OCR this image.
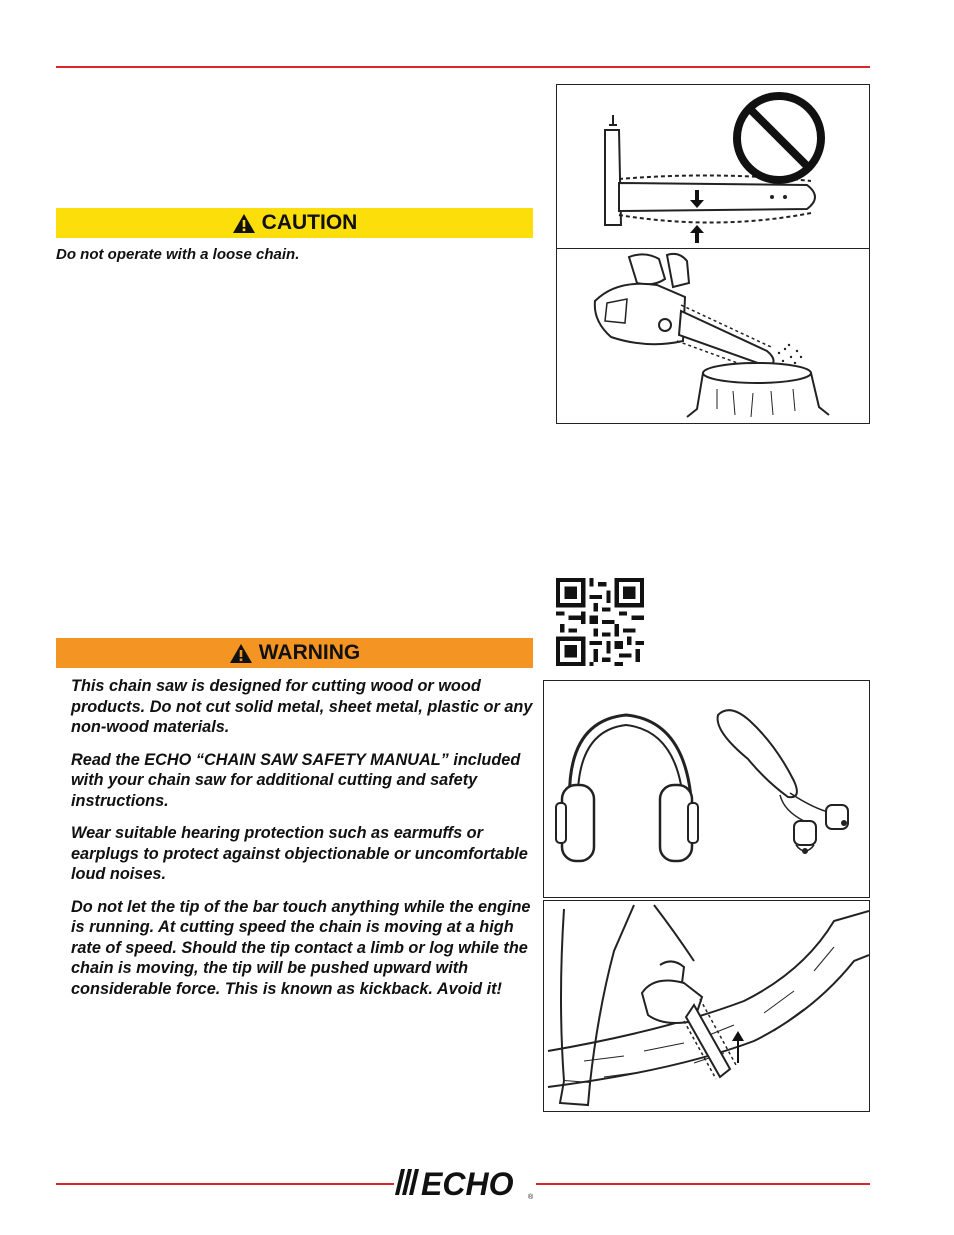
CAUTION
Do not operate with a loose chain.
WARNING

This chain saw is designed for cutting wood or wood products. Do not cut solid metal, sheet metal, plastic or any non-wood materials.

Read the ECHO “CHAIN SAW SAFETY MANUAL” included with your chain saw for additional cutting and safety instructions.

Wear suitable hearing protection such as earmuffs or earplugs to protect against objectionable or uncomfortable loud noises.

Do not let the tip of the bar touch anything while the engine is running. At cutting speed the chain is moving at a high rate of speed. Should the tip contact a limb or log while the chain is moving, the tip will be pushed upward with considerable force. This is known as kickback. Avoid it!

ECHO ®
